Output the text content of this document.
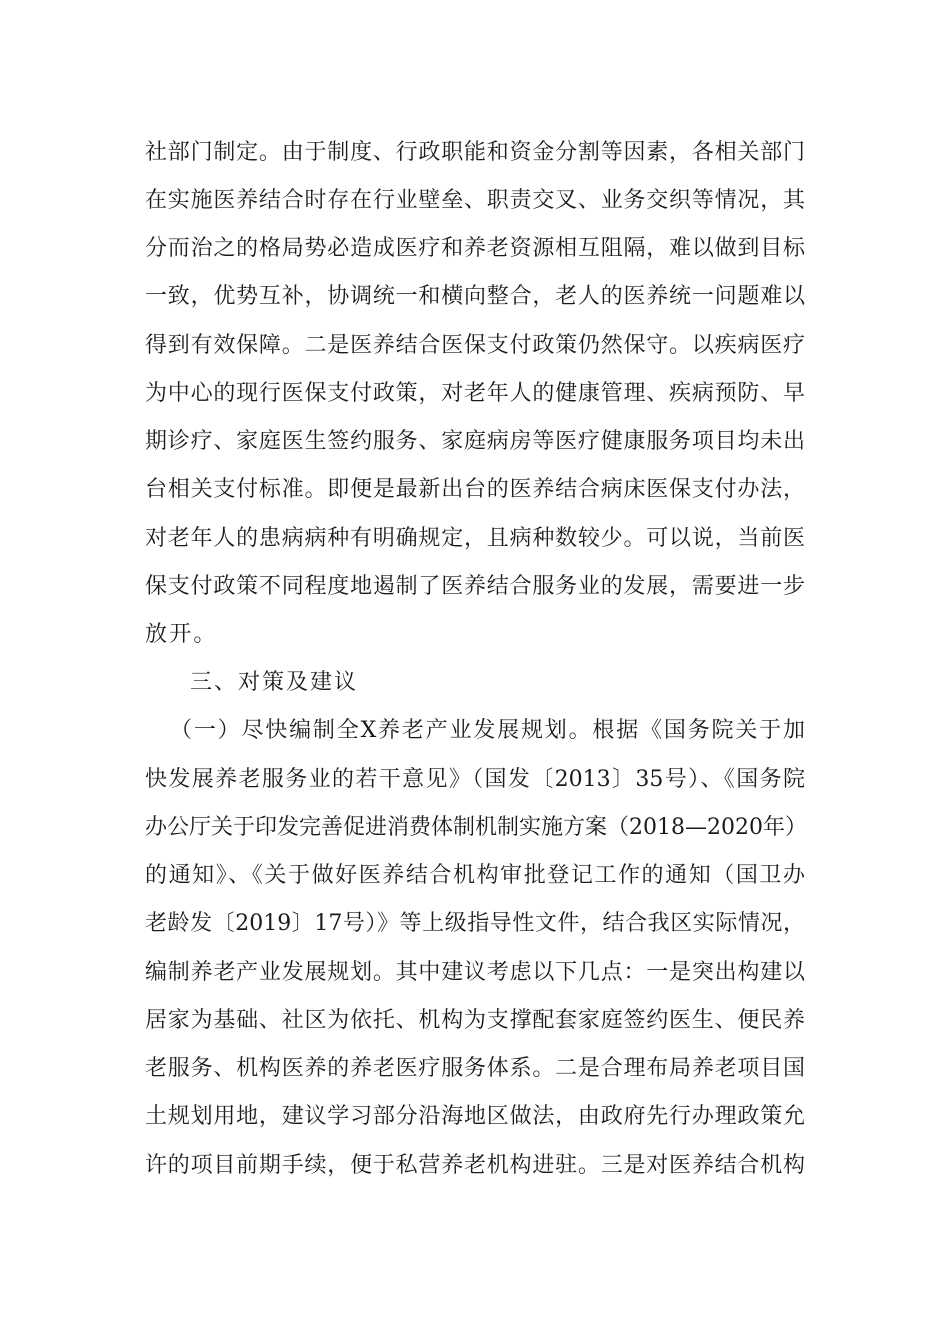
社部门制定。由于制度、行政职能和资金分割等因素，各相关部门
在实施医养结合时存在行业壁垒、职责交叉、业务交织等情况，其
分而治之的格局势必造成医疗和养老资源相互阻隔，难以做到目标
一致，优势互补，协调统一和横向整合，老人的医养统一问题难以
得到有效保障。二是医养结合医保支付政策仍然保守。以疾病医疗
为中心的现行医保支付政策，对老年人的健康管理、疾病预防、早
期诊疗、家庭医生签约服务、家庭病房等医疗健康服务项目均未出
台相关支付标准。即便是最新出台的医养结合病床医保支付办法，
对老年人的患病病种有明确规定，且病种数较少。可以说，当前医
保支付政策不同程度地遏制了医养结合服务业的发展，需要进一步
放开。
三、对策及建议
（一）尽快编制全X养老产业发展规划。根据《国务院关于加
快发展养老服务业的若干意见》（国发〔2013〕35号）、《国务院
办公厅关于印发完善促进消费体制机制实施方案（2018—2020年）
的通知》、《关于做好医养结合机构审批登记工作的通知（国卫办
老龄发〔2019〕17号）》等上级指导性文件，结合我区实际情况，
编制养老产业发展规划。其中建议考虑以下几点：一是突出构建以
居家为基础、社区为依托、机构为支撑配套家庭签约医生、便民养
老服务、机构医养的养老医疗服务体系。二是合理布局养老项目国
土规划用地，建议学习部分沿海地区做法，由政府先行办理政策允
许的项目前期手续，便于私营养老机构进驻。三是对医养结合机构
